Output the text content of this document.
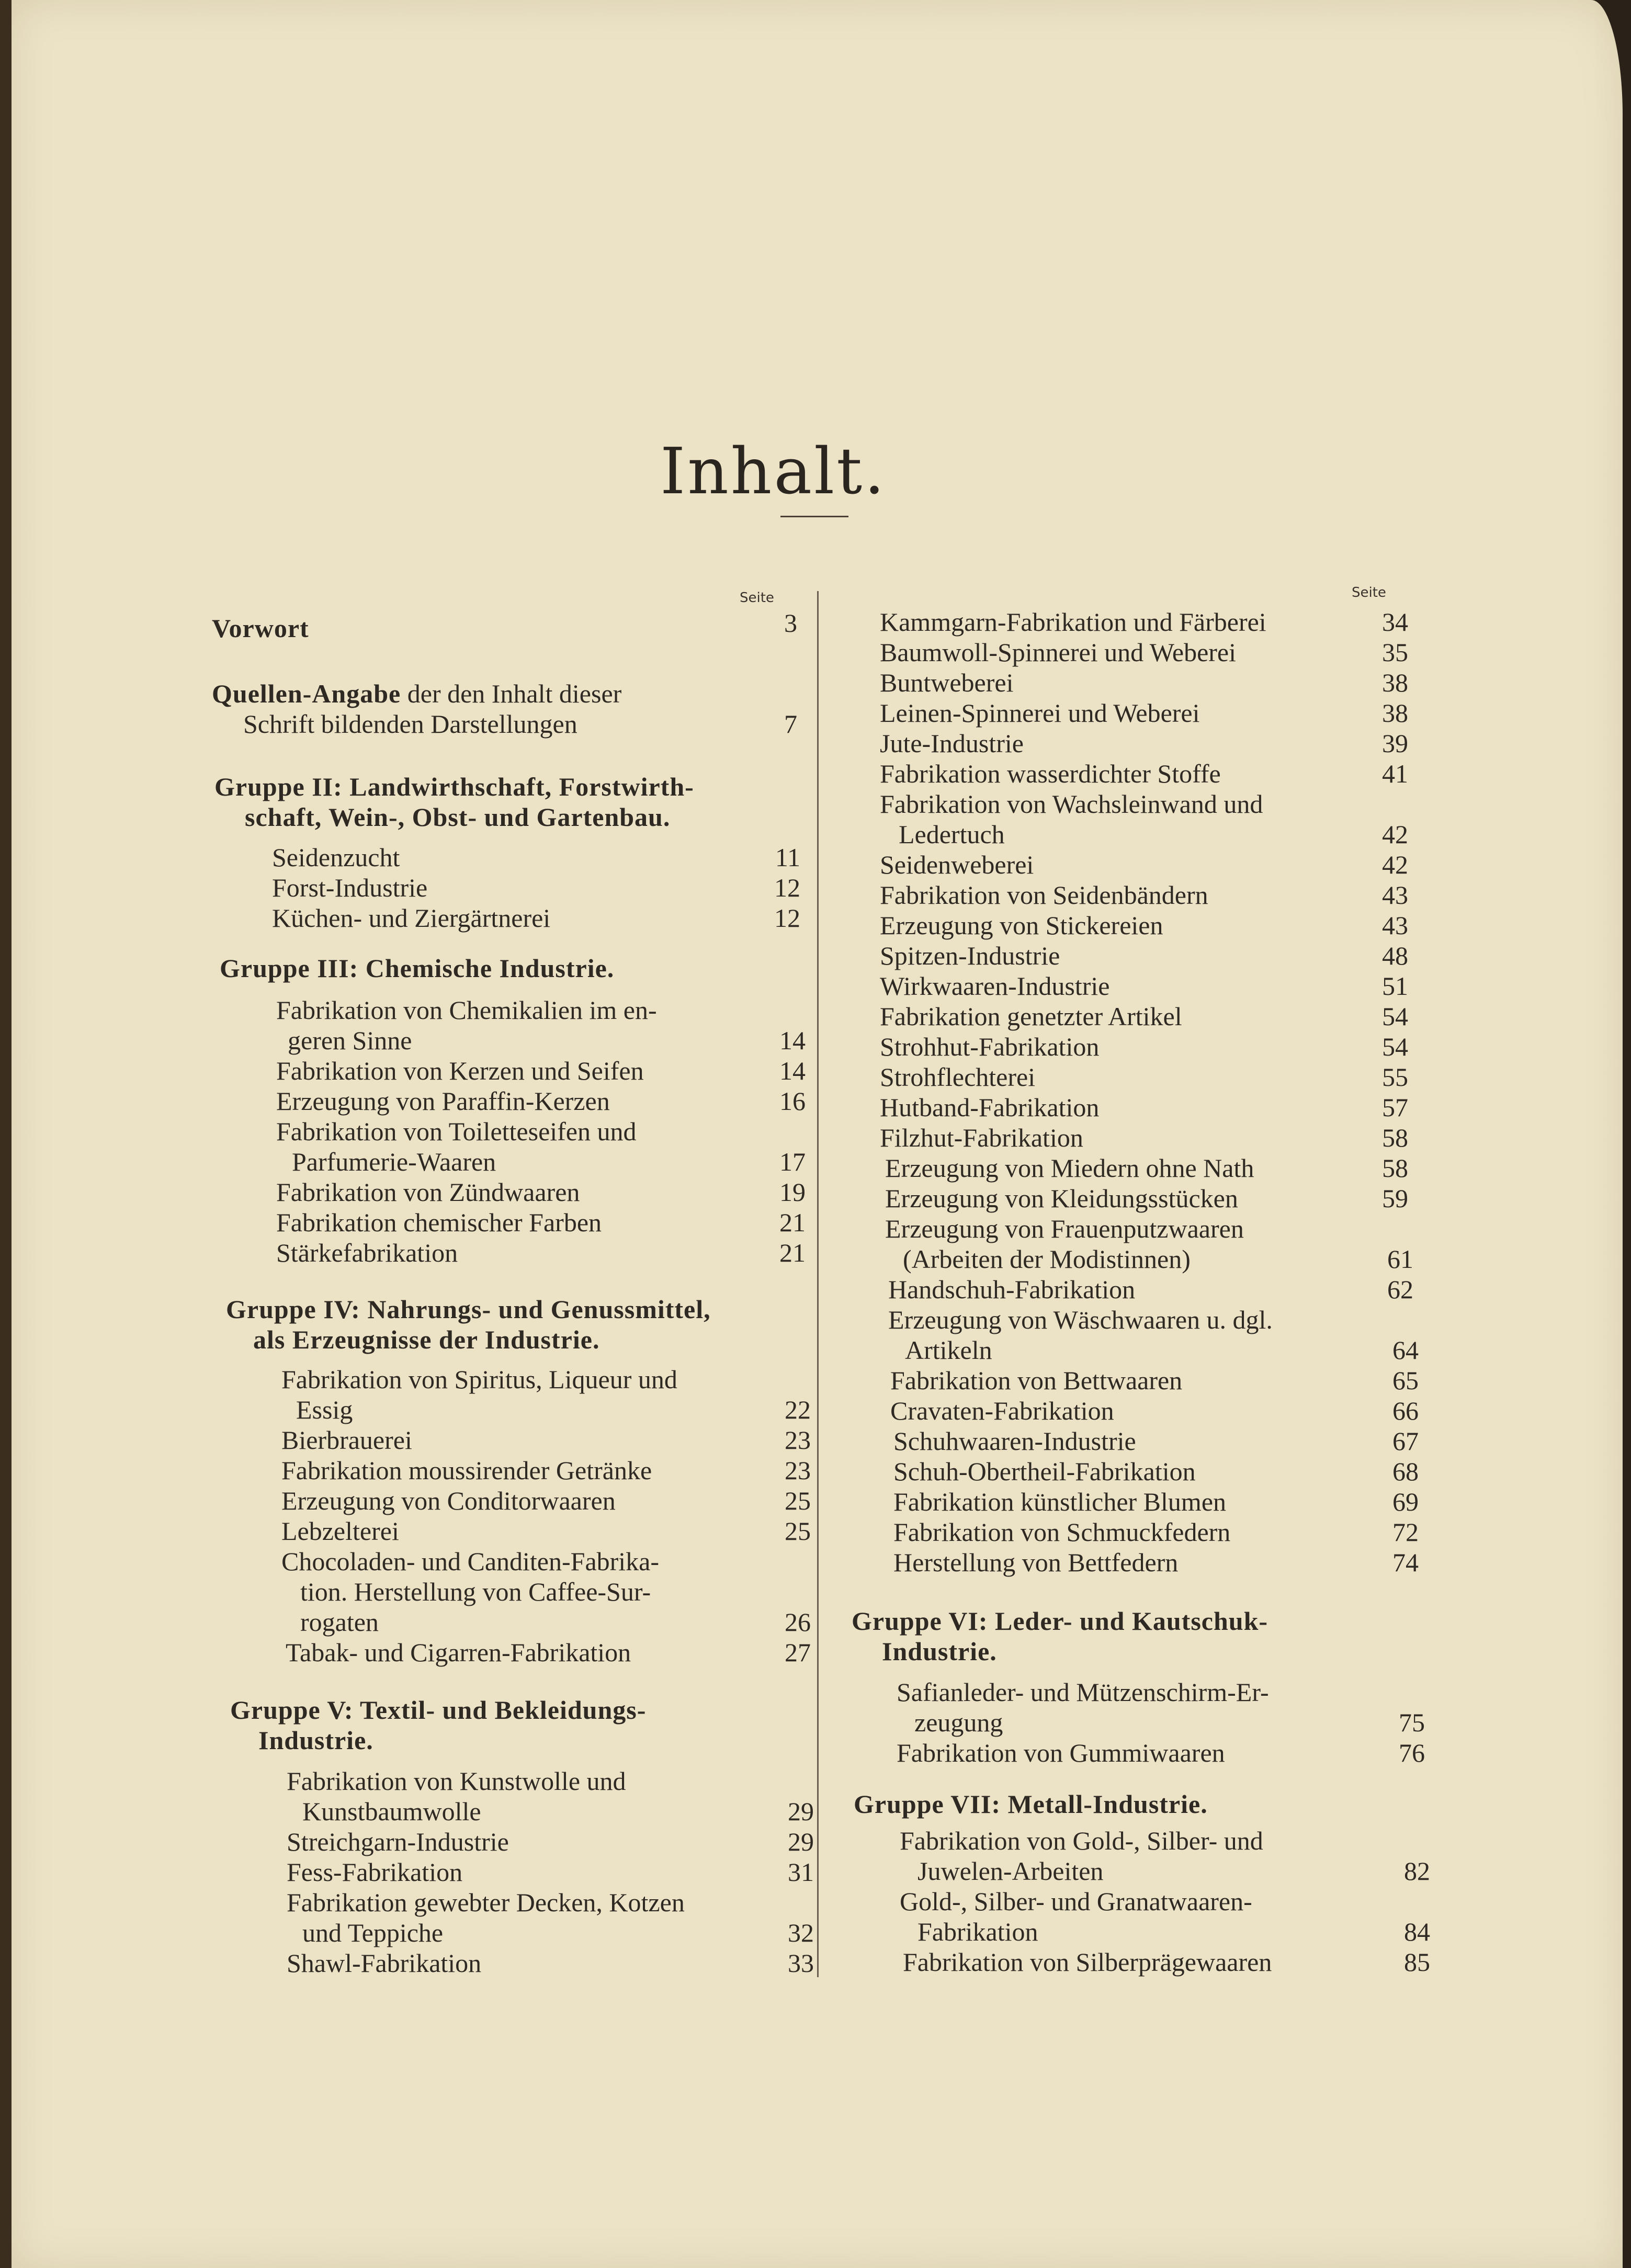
Inhalt.
Seite	Seite
Vorwort	3
Quellen-Angabe der den Inhalt dieser
Schrift bildenden Darstellungen	7
Gruppe II: Landwirthschaft, Forstwirth-
schaft, Wein-, Obst- und Gartenbau.
Seidenzucht	11
Forst-Industrie	12
Küchen- und Ziergärtnerei	12
Gruppe III: Chemische Industrie.
Fabrikation von Chemikalien im en-
geren Sinne	14
Fabrikation von Kerzen und Seifen	14
Erzeugung von Paraffin-Kerzen	16
Fabrikation von Toiletteseifen und
Parfumerie-Waaren	17
Fabrikation von Zündwaaren	19
Fabrikation chemischer Farben	21
Stärkefabrikation	21
Gruppe IV: Nahrungs- und Genussmittel,
als Erzeugnisse der Industrie.
Fabrikation von Spiritus, Liqueur und
Essig	22
Bierbrauerei	23
Fabrikation moussirender Getränke	23
Erzeugung von Conditorwaaren	25
Lebzelterei	25
Chocoladen- und Canditen-Fabrika-
tion. Herstellung von Caffee-Sur-
rogaten	26
Tabak- und Cigarren-Fabrikation	27
Gruppe V: Textil- und Bekleidungs-
Industrie.
Fabrikation von Kunstwolle und
Kunstbaumwolle	29
Streichgarn-Industrie	29
Fess-Fabrikation	31
Fabrikation gewebter Decken, Kotzen
und Teppiche	32
Shawl-Fabrikation	33
Kammgarn-Fabrikation und Färberei	34
Baumwoll-Spinnerei und Weberei	35
Buntweberei	38
Leinen-Spinnerei und Weberei	38
Jute-Industrie	39
Fabrikation wasserdichter Stoffe	41
Fabrikation von Wachsleinwand und
Ledertuch	42
Seidenweberei	42
Fabrikation von Seidenbändern	43
Erzeugung von Stickereien	43
Spitzen-Industrie	48
Wirkwaaren-Industrie	51
Fabrikation genetzter Artikel	54
Strohhut-Fabrikation	54
Strohflechterei	55
Hutband-Fabrikation	57
Filzhut-Fabrikation	58
Erzeugung von Miedern ohne Nath	58
Erzeugung von Kleidungsstücken	59
Erzeugung von Frauenputzwaaren
(Arbeiten der Modistinnen)	61
Handschuh-Fabrikation	62
Erzeugung von Wäschwaaren u. dgl.
Artikeln	64
Fabrikation von Bettwaaren	65
Cravaten-Fabrikation	66
Schuhwaaren-Industrie	67
Schuh-Obertheil-Fabrikation	68
Fabrikation künstlicher Blumen	69
Fabrikation von Schmuckfedern	72
Herstellung von Bettfedern	74
Gruppe VI: Leder- und Kautschuk-
Industrie.
Safianleder- und Mützenschirm-Er-
zeugung	75
Fabrikation von Gummiwaaren	76
Gruppe VII: Metall-Industrie.
Fabrikation von Gold-, Silber- und
Juwelen-Arbeiten	82
Gold-, Silber- und Granatwaaren-
Fabrikation	84
Fabrikation von Silberprägewaaren	85
